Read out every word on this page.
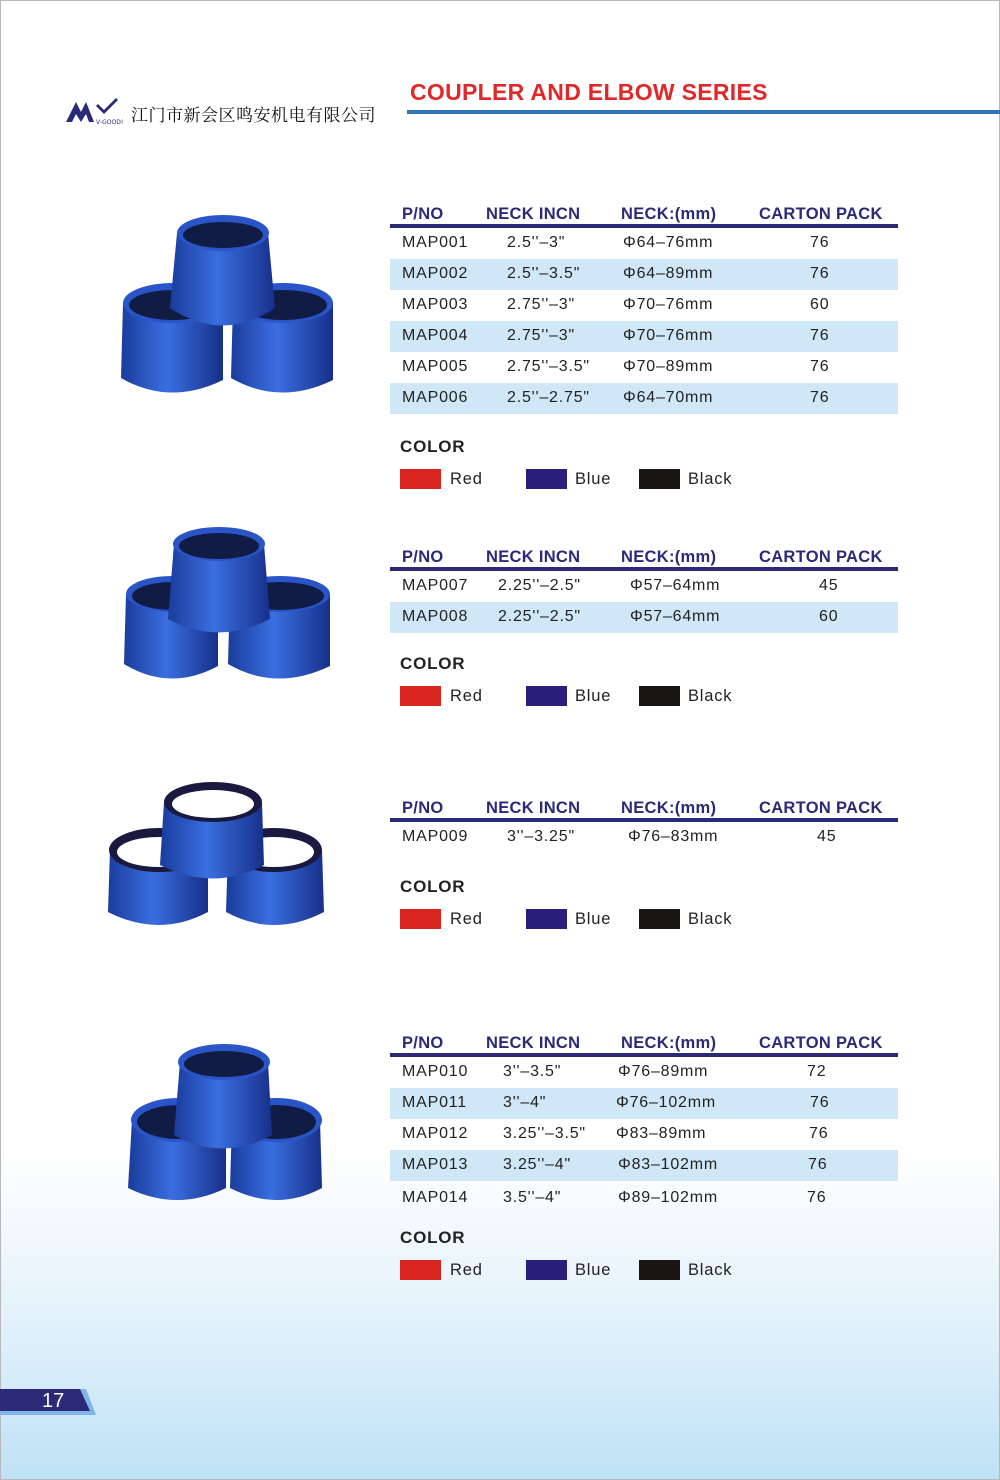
V-GOOD! 江门市新会区鸣安机电有限公司
COUPLER AND ELBOW SERIES
P/NO	NECK INCN NECK:(mm)	CARTON PACK
MAP001 2.5''–3"	Φ64–76mm	76
MAP002 2.5''–3.5"	Φ64–89mm	76
MAP003 2.75''–3"	Φ70–76mm	60
MAP004 2.75''–3"	Φ70–76mm	76
MAP005 2.75''–3.5" Φ70–89mm	76
MAP006 2.5''–2.75" Φ64–70mm	76
COLOR
Red	Blue	Black
P/NO	NECK INCN NECK:(mm)	CARTON PACK
MAP007 2.25''–2.5"	Φ57–64mm	45
MAP008 2.25''–2.5"	Φ57–64mm	60
COLOR
Red	Blue	Black
P/NO	NECK INCN NECK:(mm)	CARTON PACK
MAP009 3''–3.25"	Φ76–83mm	45
COLOR
Red	Blue	Black
P/NO	NECK INCN NECK:(mm)	CARTON PACK
MAP010 3''–3.5"	Φ76–89mm	72
MAP011 3''–4"	Φ76–102mm	76
MAP012 3.25''–3.5" Φ83–89mm	76
MAP013 3.25''–4"	Φ83–102mm	76
MAP014 3.5''–4"	Φ89–102mm	76
COLOR
Red	Blue	Black
17
